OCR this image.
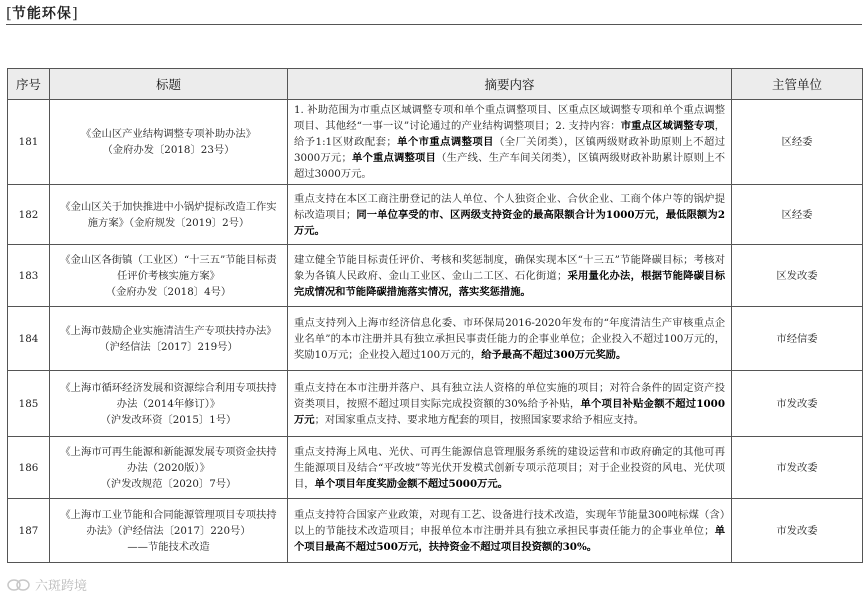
[ 节能环保 ]
序号	标题	摘要内容	主管单位
181	《金山区产业结构调整专项补助办法》
（金府办发〔2018〕23号）	1. 补助范围为市重点区域调整专项和单个重点调整项目、区重点区域调整专项和单个重点调整项目、其他经“一事一议”讨论通过的产业结构调整项目；2. 支持内容：市重点区域调整专项，给予1:1区财政配套；单个市重点调整项目（全厂关闭类），区镇两级财政补助原则上不超过3000万元；单个重点调整项目（生产线、生产车间关闭类），区镇两级财政补助累计原则上不超过3000万元。	区经委
182	《金山区关于加快推进中小锅炉提标改造工作实施方案》（金府规发〔2019〕2号）	重点支持在本区工商注册登记的法人单位、个人独资企业、合伙企业、工商个体户等的锅炉提标改造项目；同一单位享受的市、区两级支持资金的最高限额合计为1000万元，最低限额为2万元。	区经委
183	《金山区各街镇（工业区）“十三五”节能目标责任评价考核实施方案》
（金府办发〔2018〕4号）	建立健全节能目标责任评价、考核和奖惩制度，确保实现本区“十三五”节能降碳目标；考核对象为各镇人民政府、金山工业区、金山二工区、石化街道；采用量化办法，根据节能降碳目标完成情况和节能降碳措施落实情况，落实奖惩措施。	区发改委
184	《上海市鼓励企业实施清洁生产专项扶持办法》（沪经信法〔2017〕219号）	重点支持列入上海市经济信息化委、市环保局2016-2020年发布的“年度清洁生产审核重点企业名单”的本市注册并具有独立承担民事责任能力的企事业单位；企业投入不超过100万元的，奖励10万元；企业投入超过100万元的，给予最高不超过300万元奖励。	市经信委
185	《上海市循环经济发展和资源综合利用专项扶持办法（2014年修订）》
（沪发改环资〔2015〕1号）	重点支持在本市注册并落户、具有独立法人资格的单位实施的项目；对符合条件的固定资产投资类项目，按照不超过项目实际完成投资额的30%给予补贴，单个项目补贴金额不超过1000万元；对国家重点支持、要求地方配套的项目，按照国家要求给予相应支持。	市发改委
186	《上海市可再生能源和新能源发展专项资金扶持办法（2020版）》
（沪发改规范〔2020〕7号）	重点支持海上风电、光伏、可再生能源信息管理服务系统的建设运营和市政府确定的其他可再生能源项目及结合“平改坡”等光伏开发模式创新专项示范项目；对于企业投资的风电、光伏项目，单个项目年度奖励金额不超过5000万元。	市发改委
187	《上海市工业节能和合同能源管理项目专项扶持办法》（沪经信法〔2017〕220号）
——节能技术改造	重点支持符合国家产业政策，对现有工艺、设备进行技术改造，实现年节能量300吨标煤（含）以上的节能技术改造项目；申报单位本市注册并具有独立承担民事责任能力的企事业单位；单个项目最高不超过500万元，扶持资金不超过项目投资额的30%。	市发改委
六斑跨境
